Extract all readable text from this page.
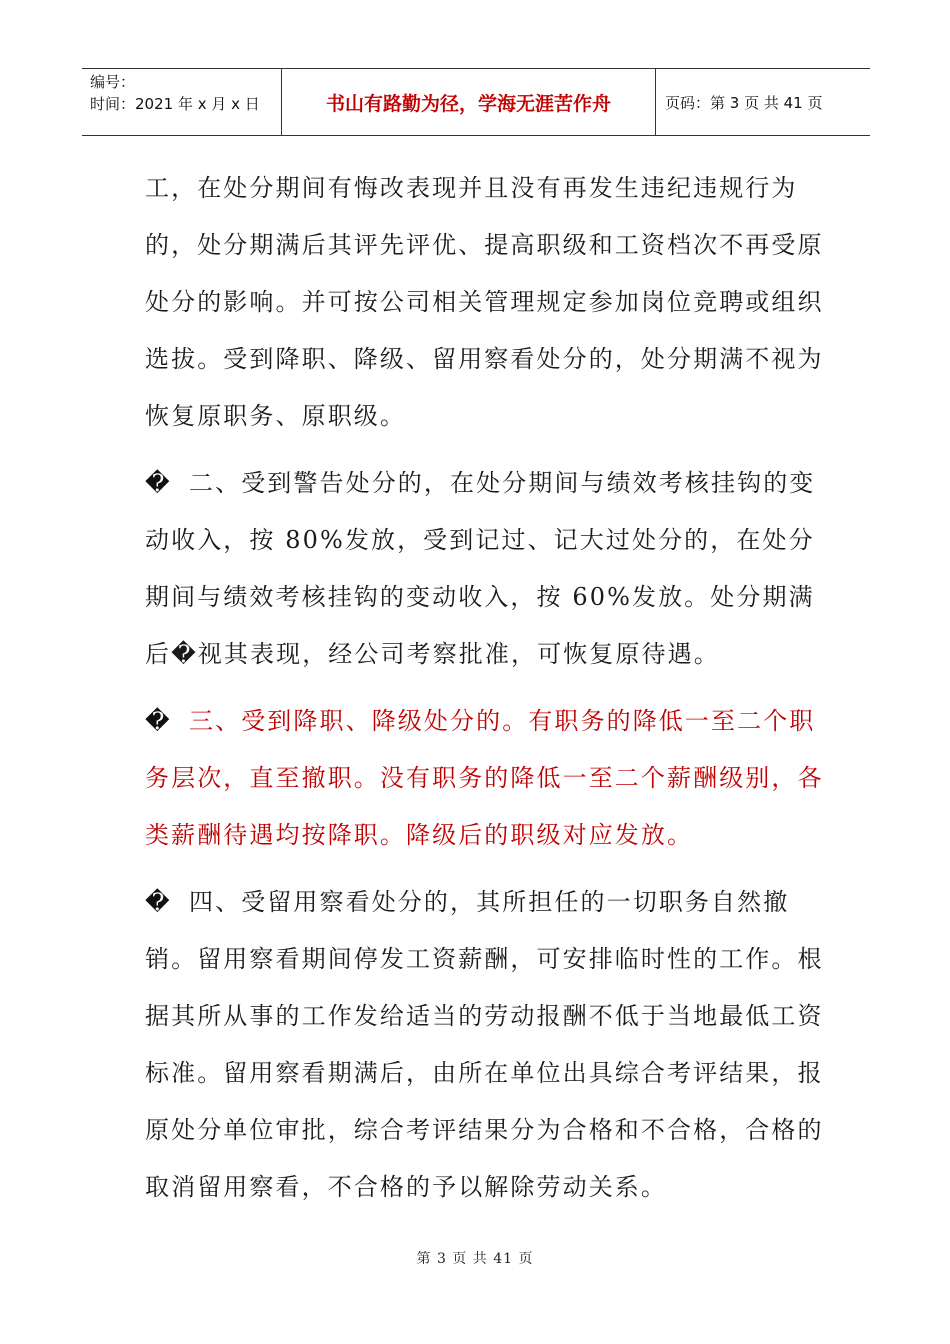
编号：
时间：2021 年 x 月 x 日	书山有路勤为径，学海无涯苦作舟	页码：第 3 页 共 41 页

工，在处分期间有悔改表现并且没有再发生违纪违规行为的，处分期满后其评先评优、提高职级和工资档次不再受原处分的影响。并可按公司相关管理规定参加岗位竞聘或组织选拔。受到降职、降级、留用察看处分的，处分期满不视为恢复原职务、原职级。

� 二、受到警告处分的，在处分期间与绩效考核挂钩的变动收入，按 80%发放，受到记过、记大过处分的，在处分期间与绩效考核挂钩的变动收入，按 60%发放。处分期满后�视其表现，经公司考察批准，可恢复原待遇。

� 三、受到降职、降级处分的。有职务的降低一至二个职务层次，直至撤职。没有职务的降低一至二个薪酬级别，各类薪酬待遇均按降职。降级后的职级对应发放。

� 四、受留用察看处分的，其所担任的一切职务自然撤销。留用察看期间停发工资薪酬，可安排临时性的工作。根据其所从事的工作发给适当的劳动报酬不低于当地最低工资标准。留用察看期满后，由所在单位出具综合考评结果，报原处分单位审批，综合考评结果分为合格和不合格，合格的取消留用察看，不合格的予以解除劳动关系。

第 3 页 共 41 页
